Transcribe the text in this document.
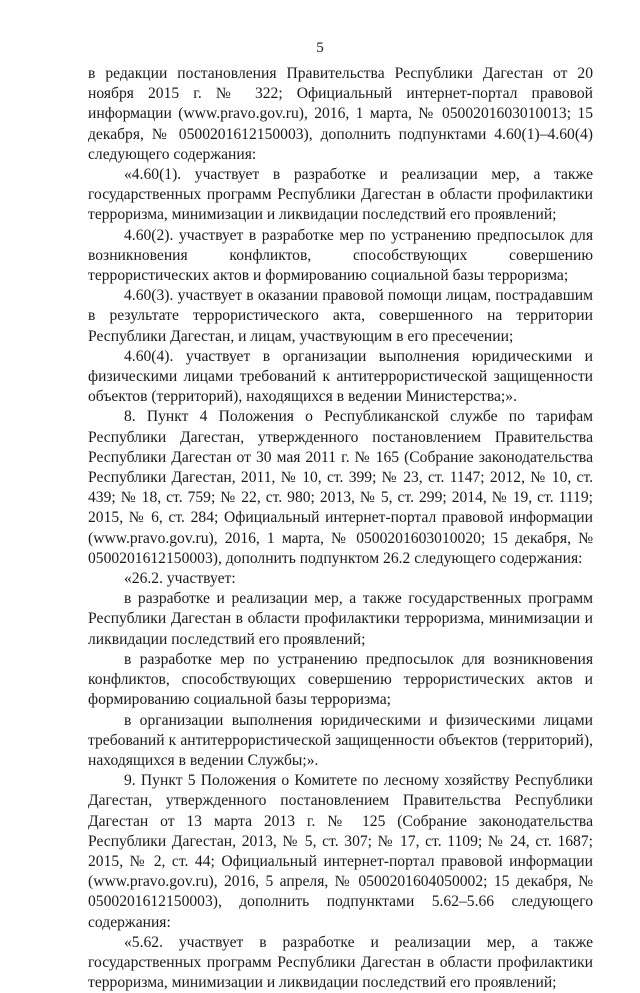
5

в редакции постановления Правительства Республики Дагестан от 20 ноября 2015 г. № 322; Официальный интернет-портал правовой информации (www.pravo.gov.ru), 2016, 1 марта, № 0500201603010013; 15 декабря, № 0500201612150003), дополнить подпунктами 4.60(1)–4.60(4) следующего содержания:

«4.60(1). участвует в разработке и реализации мер, а также государственных программ Республики Дагестан в области профилактики терроризма, минимизации и ликвидации последствий его проявлений;

4.60(2). участвует в разработке мер по устранению предпосылок для возникновения конфликтов, способствующих совершению террористических актов и формированию социальной базы терроризма;

4.60(3). участвует в оказании правовой помощи лицам, пострадавшим в результате террористического акта, совершенного на территории Республики Дагестан, и лицам, участвующим в его пресечении;

4.60(4). участвует в организации выполнения юридическими и физическими лицами требований к антитеррористической защищенности объектов (территорий), находящихся в ведении Министерства;».

8. Пункт 4 Положения о Республиканской службе по тарифам Республики Дагестан, утвержденного постановлением Правительства Республики Дагестан от 30 мая 2011 г. № 165 (Собрание законодательства Республики Дагестан, 2011, № 10, ст. 399; № 23, ст. 1147; 2012, № 10, ст. 439; № 18, ст. 759; № 22, ст. 980; 2013, № 5, ст. 299; 2014, № 19, ст. 1119; 2015, № 6, ст. 284; Официальный интернет-портал правовой информации (www.pravo.gov.ru), 2016, 1 марта, № 0500201603010020; 15 декабря, № 0500201612150003), дополнить подпунктом 26.2 следующего содержания:

«26.2. участвует:

в разработке и реализации мер, а также государственных программ Республики Дагестан в области профилактики терроризма, минимизации и ликвидации последствий его проявлений;

в разработке мер по устранению предпосылок для возникновения конфликтов, способствующих совершению террористических актов и формированию социальной базы терроризма;

в организации выполнения юридическими и физическими лицами требований к антитеррористической защищенности объектов (территорий), находящихся в ведении Службы;».

9. Пункт 5 Положения о Комитете по лесному хозяйству Республики Дагестан, утвержденного постановлением Правительства Республики Дагестан от 13 марта 2013 г. № 125 (Собрание законодательства Республики Дагестан, 2013, № 5, ст. 307; № 17, ст. 1109; № 24, ст. 1687; 2015, № 2, ст. 44; Официальный интернет-портал правовой информации (www.pravo.gov.ru), 2016, 5 апреля, № 0500201604050002; 15 декабря, № 0500201612150003), дополнить подпунктами 5.62–5.66 следующего содержания:

«5.62. участвует в разработке и реализации мер, а также государственных программ Республики Дагестан в области профилактики терроризма, минимизации и ликвидации последствий его проявлений;
